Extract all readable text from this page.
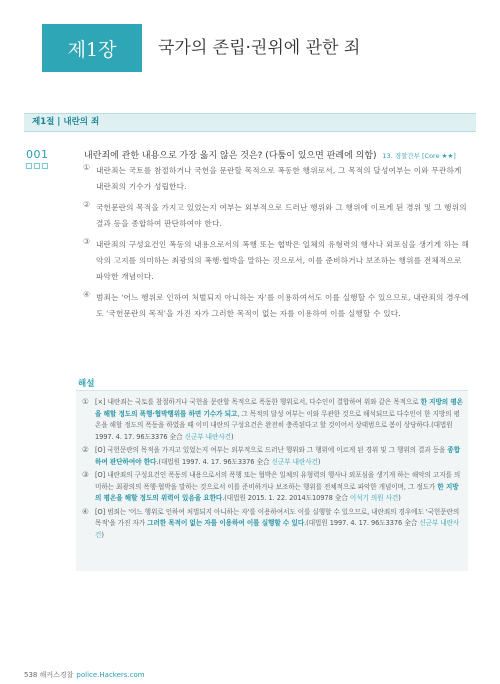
제1장	국가의 존립·권위에 관한 죄
제1절 | 내란의 죄
001	내란죄에 관한 내용으로 가장 옳지 않은 것은? (다툼이 있으면 판례에 의함) 13. 경찰간부 [Core ★★]
① 내란죄는 국토를 참절하거나 국헌을 문란할 목적으로 폭동한 행위로서, 그 목적의 달성여부는 이와 무관하게 내란죄의 기수가 성립한다.
② 국헌문란의 목적을 가지고 있었는지 여부는 외부적으로 드러난 행위와 그 행위에 이르게 된 경위 및 그 행위의 결과 등을 종합하여 판단하여야 한다.
③ 내란죄의 구성요건인 폭동의 내용으로서의 폭행 또는 협박은 일체의 유형력의 행사나 외포심을 생기게 하는 해악의 고지를 의미하는 최광의의 폭행·협박을 말하는 것으로서, 이를 준비하거나 보조하는 행위를 전체적으로 파악한 개념이다.
④ 범죄는 '어느 행위로 인하여 처벌되지 아니하는 자'를 이용하여서도 이를 실행할 수 있으므로, 내란죄의 경우에도 '국헌문란의 목적'을 가진 자가 그러한 목적이 없는 자를 이용하여 이를 실행할 수 있다.
해설
① [×] 내란죄는 국토를 참절하거나 국헌을 문란할 목적으로 폭동한 행위로서, 다수인이 결합하여 위와 같은 목적으로 한 지방의 평온을 해할 정도의 폭행·협박행위를 하면 기수가 되고, 그 목적의 달성 여부는 이와 무관한 것으로 해석되므로 다수인이 한 지방의 평온을 해할 정도의 폭동을 하였을 때 이미 내란의 구성요건은 완전히 충족된다고 할 것이어서 상태범으로 봄이 상당하다.(대법원 1997. 4. 17. 96도3376 全合 신군부 내란사건)
② [O] 국헌문란의 목적을 가지고 있었는지 여부는 외부적으로 드러난 행위와 그 행위에 이르게 된 경위 및 그 행위의 결과 등을 종합하여 판단하여야 한다.(대법원 1997. 4. 17. 96도3376 全合 신군부 내란사건)
③ [O] 내란죄의 구성요건인 폭동의 내용으로서의 폭행 또는 협박은 일체의 유형력의 행사나 외포심을 생기게 하는 해악의 고지를 의미하는 최광의의 폭행·협박을 말하는 것으로서 이를 준비하거나 보조하는 행위를 전체적으로 파악한 개념이며, 그 정도가 한 지방의 평온을 해할 정도의 위력이 있음을 요한다.(대법원 2015. 1. 22. 2014도10978 全合 이석기 의원 사건)
④ [O] 범죄는 '어느 행위로 인하여 처벌되지 아니하는 자'를 이용하여서도 이를 실행할 수 있으므로, 내란죄의 경우에도 '국헌문란의 목적'을 가진 자가 그러한 목적이 없는 자를 이용하여 이를 실행할 수 있다.(대법원 1997. 4. 17. 96도3376 全合 신군부 내란사건)
538 해커스경찰 police.Hackers.com
